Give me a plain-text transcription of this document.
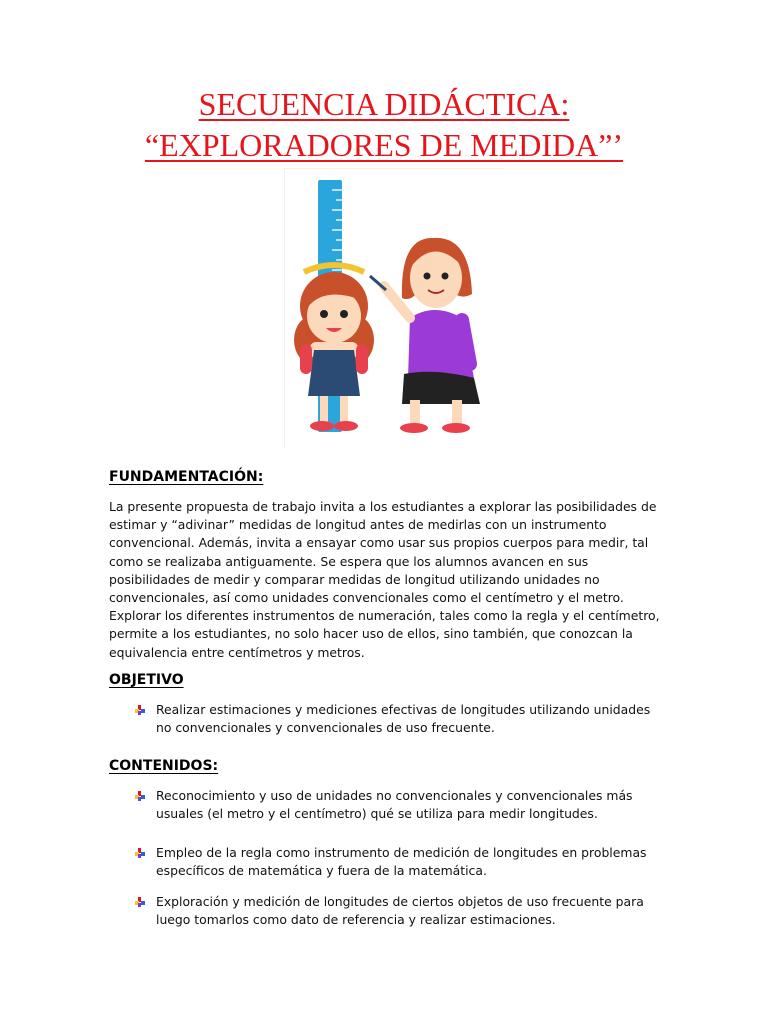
SECUENCIA DIDÁCTICA:
“EXPLORADORES DE MEDIDA”’
FUNDAMENTACIÓN:

La presente propuesta de trabajo invita a los estudiantes a explorar las posibilidades de estimar y “adivinar” medidas de longitud antes de medirlas con un instrumento convencional. Además, invita a ensayar como usar sus propios cuerpos para medir, tal como se realizaba antiguamente. Se espera que los alumnos avancen en sus posibilidades de medir y comparar medidas de longitud utilizando unidades no convencionales, así como unidades convencionales como el centímetro y el metro. Explorar los diferentes instrumentos de numeración, tales como la regla y el centímetro, permite a los estudiantes, no solo hacer uso de ellos, sino también, que conozcan la equivalencia entre centímetros y metros.

OBJETIVO
Realizar estimaciones y mediciones efectivas de longitudes utilizando unidades no convencionales y convencionales de uso frecuente.
CONTENIDOS:
Reconocimiento y uso de unidades no convencionales y convencionales más usuales (el metro y el centímetro) qué se utiliza para medir longitudes.
Empleo de la regla como instrumento de medición de longitudes en problemas específicos de matemática y fuera de la matemática.
Exploración y medición de longitudes de ciertos objetos de uso frecuente para luego tomarlos como dato de referencia y realizar estimaciones.
